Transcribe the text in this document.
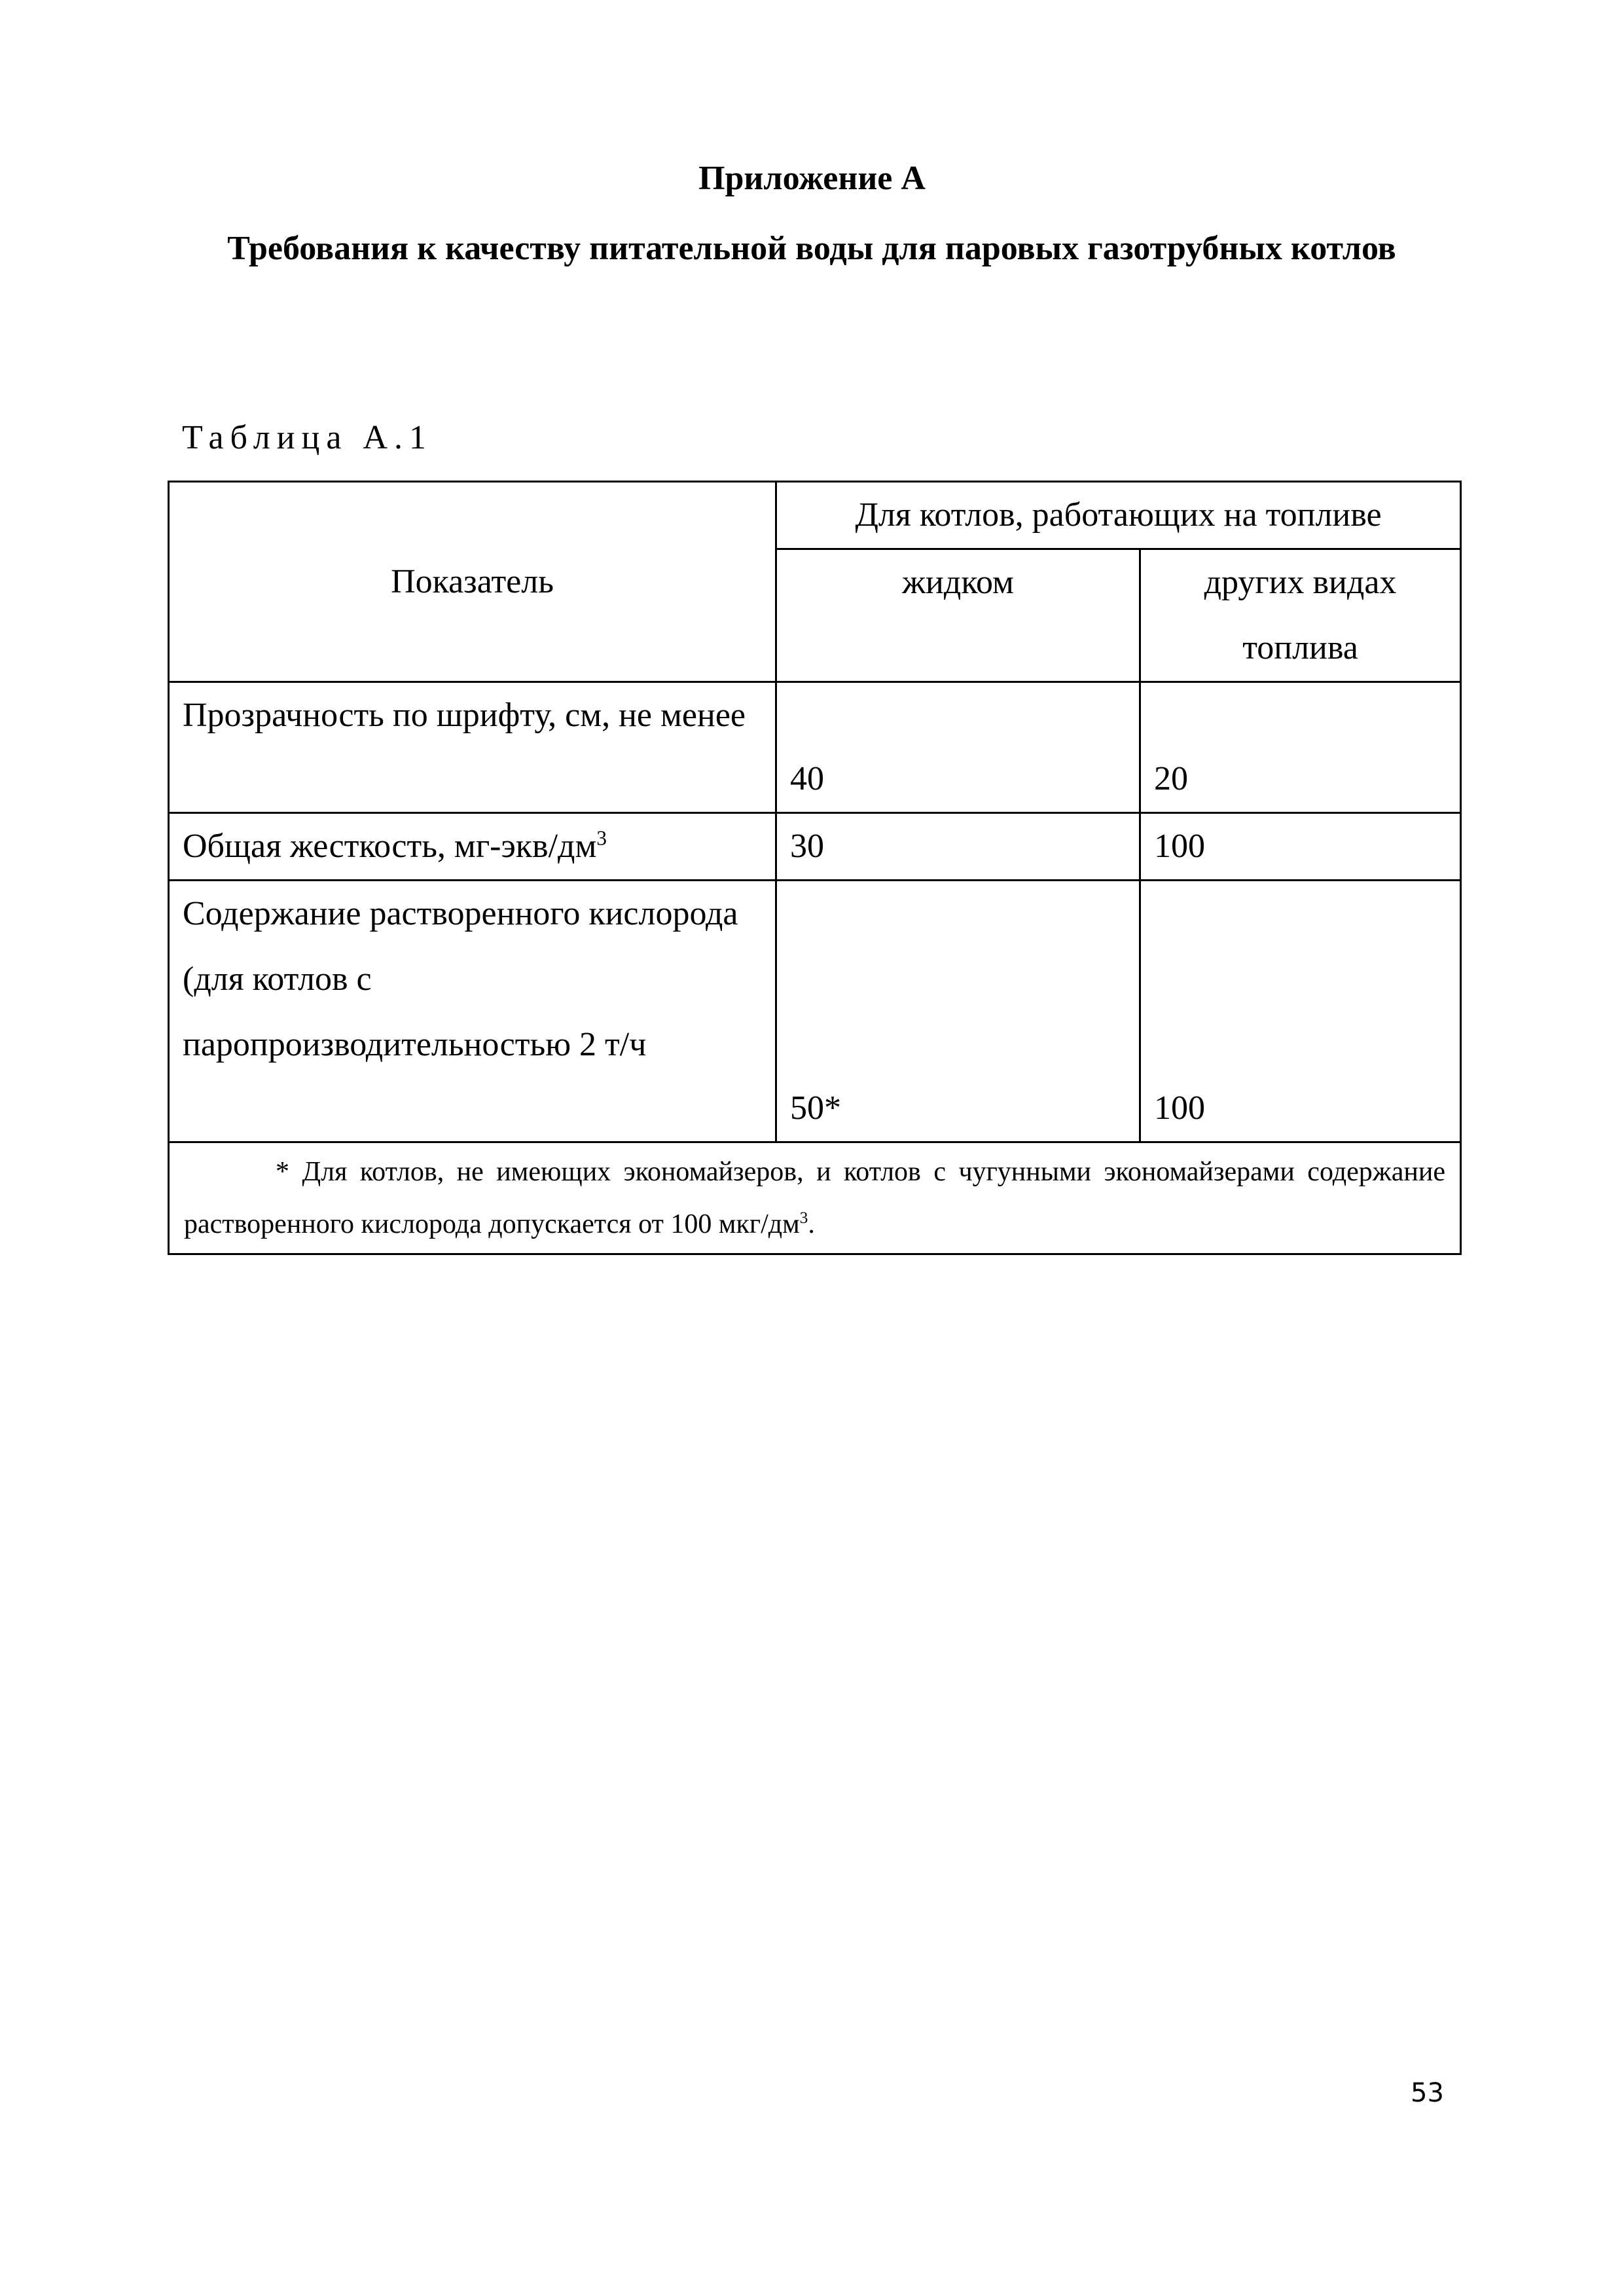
Приложение А
Требования к качеству питательной воды для паровых газотрубных котлов
Таблица А.1
Показатель	Для котлов, работающих на топливе	
	жидком	других видах топлива
Прозрачность по шрифту, см, не менее	40	20
Общая жесткость, $мг-экв/дм^3$	30	100

Содержание растворенного кислорода
(для котлов с паропроизводительностью 2 т/ч	50*	100

* Для котлов, не имеющих экономайзеров, и котлов с чугунными экономайзерами содержание растворенного кислорода допускается от 100 мкг/$дм^3$.		
53
